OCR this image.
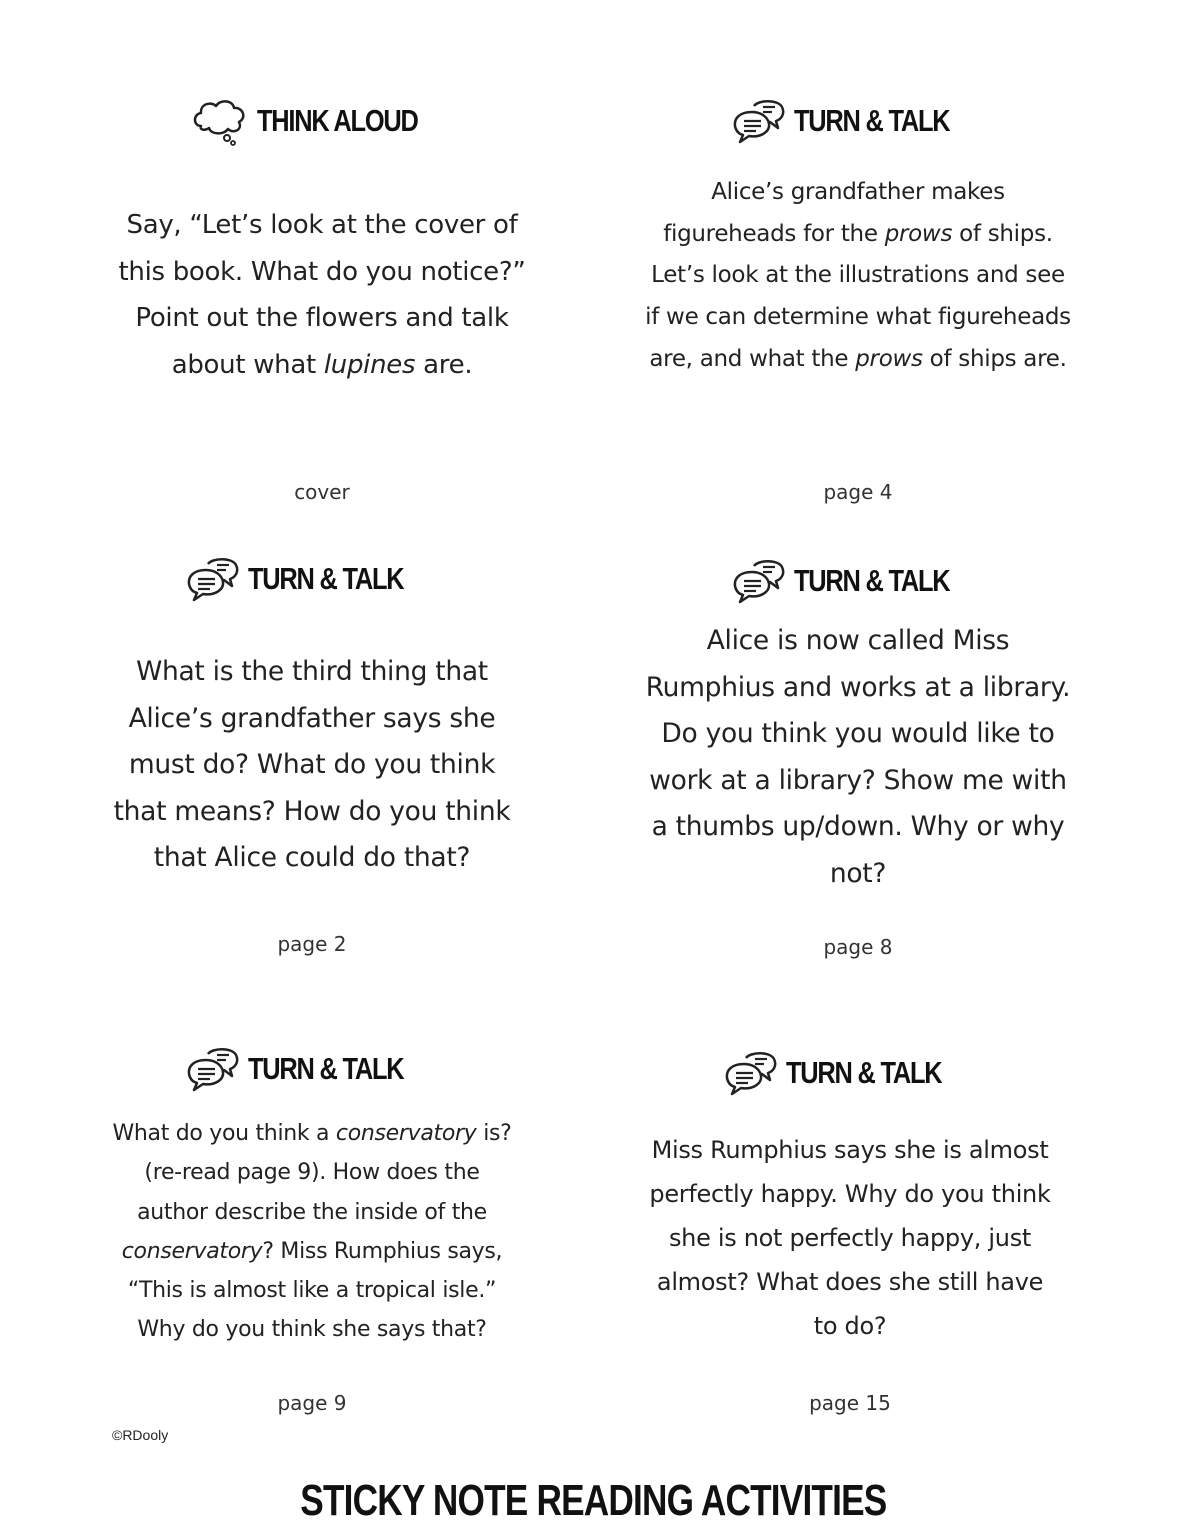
THINK ALOUD
Say, “Let’s look at the cover of this book. What do you notice?” Point out the flowers and talk about what lupines are.
cover
TURN & TALK
Alice’s grandfather makes figureheads for the prows of ships. Let’s look at the illustrations and see if we can determine what figureheads are, and what the prows of ships are.
page 4
TURN & TALK
What is the third thing that Alice’s grandfather says she must do? What do you think that means? How do you think that Alice could do that?
page 2
TURN & TALK
Alice is now called Miss Rumphius and works at a library. Do you think you would like to work at a library? Show me with a thumbs up/down. Why or why not?
page 8
TURN & TALK
What do you think a conservatory is? (re-read page 9). How does the author describe the inside of the conservatory? Miss Rumphius says, “This is almost like a tropical isle.” Why do you think she says that?
page 9
TURN & TALK
Miss Rumphius says she is almost perfectly happy. Why do you think she is not perfectly happy, just almost? What does she still have to do?
page 15
©RDooly
STICKY NOTE READING ACTIVITIES
